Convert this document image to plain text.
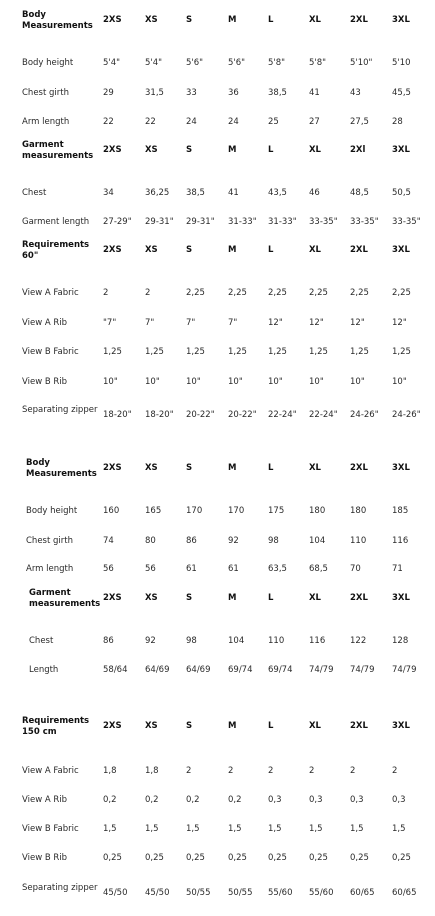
Body Measurements
2XS	XS	S	M	L	XL	2XL	3XL
Body height	5'4"	5'4"	5'6"	5'6"	5'8"	5'8"	5'10" 5'10
Chest girth	29	31,5	33	36	38,5	41	43	45,5
Arm length	22	22	24	24	25	27	27,5	28
Garment measurements
2XS	XS	S	M	L	XL	2Xl	3XL
Chest	34	36,25 38,5	41	43,5	46	48,5	50,5
Garment length	27-29" 29-31" 29-31" 31-33" 31-33" 33-35" 33-35" 33-35"
Requirements 60"
2XS	XS	S	M	L	XL	2XL	3XL
View A Fabric	2	2	2,25	2,25 2,25	2,25	2,25	2,25
View A Rib	"7"	7"	7"	7"	12"	12"	12"	12"
View B Fabric	1,25	1,25	1,25	1,25 1,25	1,25	1,25	1,25
View B Rib	10"	10"	10"	10"	10"	10"	10"	10"
Separating zipper 18-20" 18-20" 20-22" 20-22" 22-24" 22-24" 24-26" 24-26"
Body Measurements
2XS	XS	S	M	L	XL	2XL	3XL
Body height	160	165	170	170	175	180	180	185
Chest girth	74	80	86	92	98	104	110	116
Arm length	56	56	61	61	63,5	68,5	70	71
Garment measurements
2XS	XS	S	M	L	XL	2XL	3XL
Chest	86	92	98	104	110	116	122	128
Length	58/64 64/69 64/69 69/74 69/74 74/79 74/79 74/79
Requirements 150 cm
2XS	XS	S	M	L	XL	2XL	3XL
View A Fabric	1,8	1,8	2	2	2	2	2	2
View A Rib	0,2	0,2	0,2	0,2	0,3	0,3	0,3	0,3
View B Fabric	1,5	1,5	1,5	1,5	1,5	1,5	1,5	1,5
View B Rib	0,25	0,25	0,25	0,25 0,25	0,25	0,25	0,25
Separating zipper 45/50 45/50 50/55 50/55 55/60 55/60 60/65 60/65
